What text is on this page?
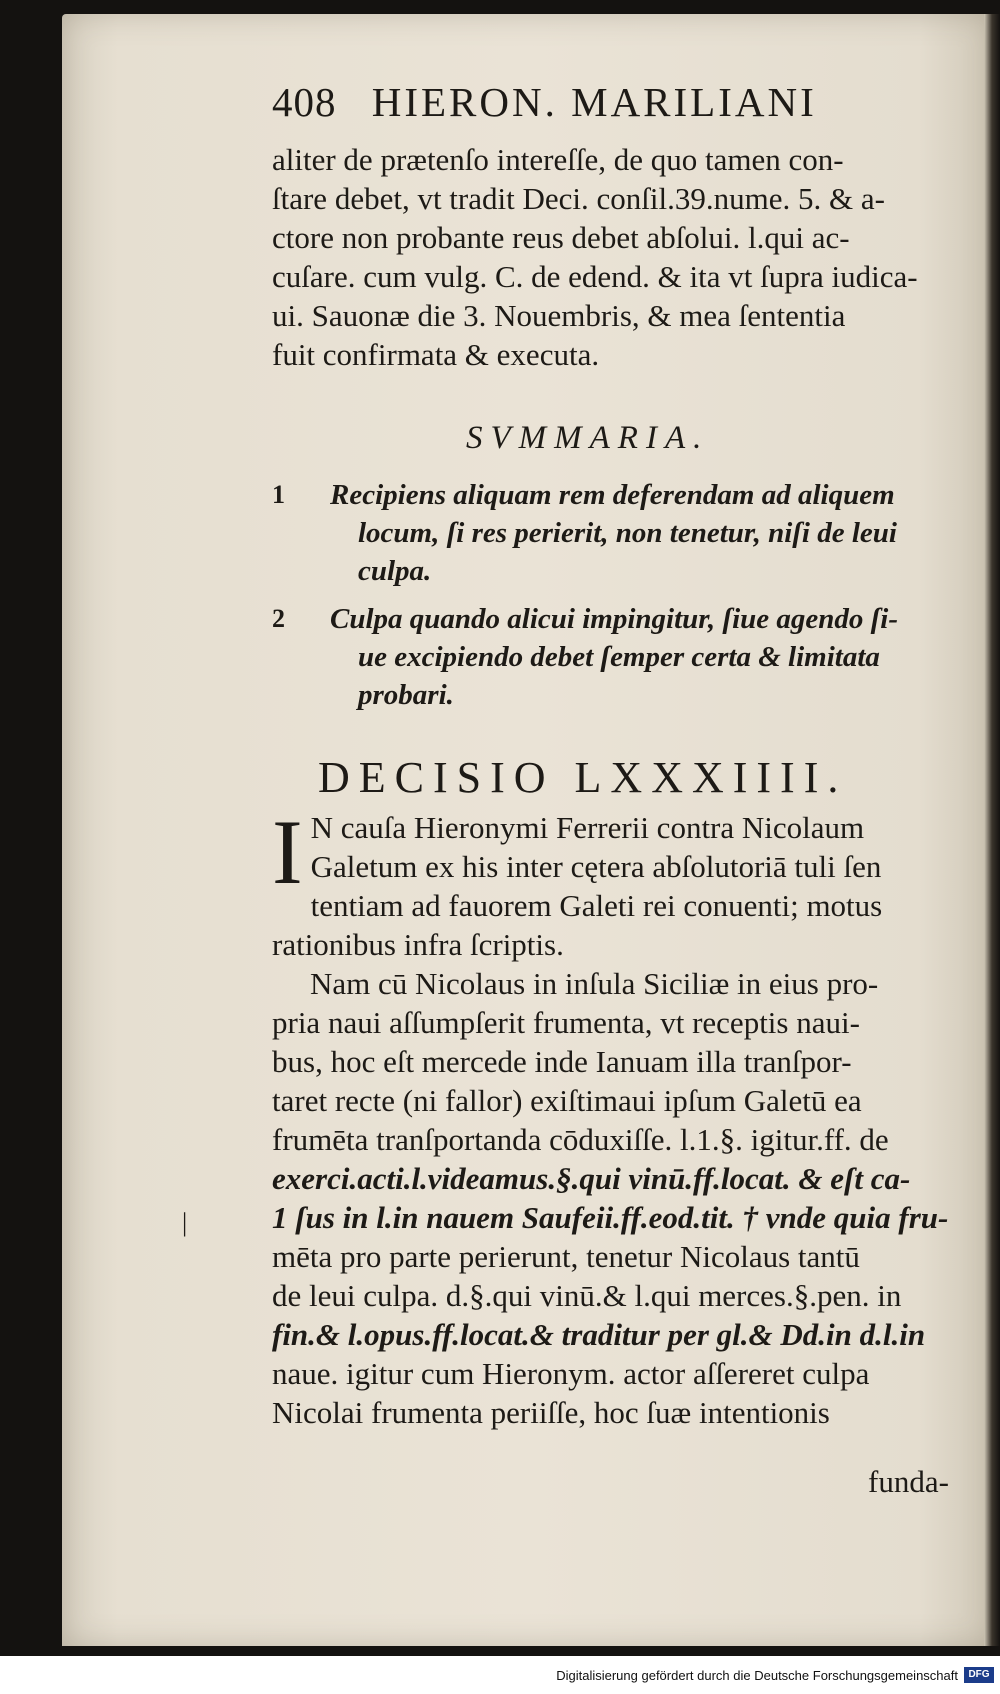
408 HIERON. MARILIANI
aliter de prætenſo intereſſe, de quo tamen con-
ſtare debet, vt tradit Deci. conſil.39.nume. 5. & a-
ctore non probante reus debet abſolui. l.qui ac-
cuſare. cum vulg. C. de edend. & ita vt ſupra iudica-
ui. Sauonæ die 3. Nouembris, & mea ſententia
fuit confirmata & executa.
SVMMARIA.
1	Recipiens aliquam rem deferendam ad aliquem
locum, ſi res perierit, non tenetur, niſi de leui
culpa.
2	Culpa quando alicui impingitur, ſiue agendo ſi-
ue excipiendo debet ſemper certa & limitata
probari.
DECISIO LXXXIIII.
I N cauſa Hieronymi Ferrerii contra Nicolaum
Galetum ex his inter cętera abſolutoriā tuli ſen
tentiam ad fauorem Galeti rei conuenti; motus
rationibus infra ſcriptis.
Nam cū Nicolaus in inſula Siciliæ in eius pro-
pria naui aſſumpſerit frumenta, vt receptis naui-
bus, hoc eſt mercede inde Ianuam illa tranſpor-
taret recte (ni fallor) exiſtimaui ipſum Galetū ea
frumēta tranſportanda cōduxiſſe. l.1.§. igitur.ff. de
exerci.acti.l.videamus.§.qui vinū.ff.locat. & eſt ca-
1 ſus in l.in nauem Saufeii.ff.eod.tit. † vnde quia fru-
mēta pro parte perierunt, tenetur Nicolaus tantū
de leui culpa. d.§.qui vinū.& l.qui merces.§.pen. in
fin.& l.opus.ff.locat.& traditur per gl.& Dd.in d.l.in
naue. igitur cum Hieronym. actor aſſereret culpa
Nicolai frumenta periiſſe, hoc ſuæ intentionis
|
funda-
Digitalisierung gefördert durch die Deutsche Forschungsgemeinschaft	DFG
